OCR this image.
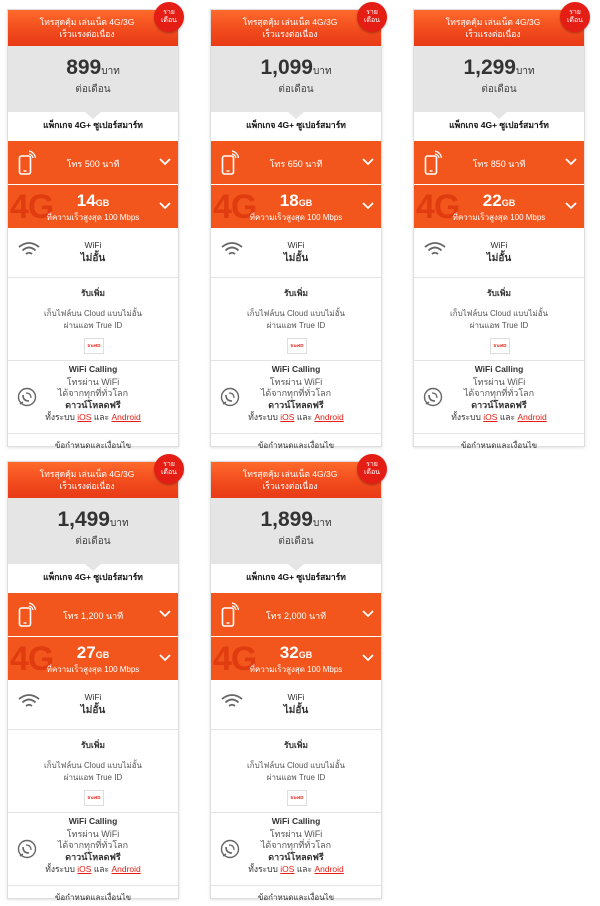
โทรสุดคุ้ม เล่นเน็ต 4G/3G
เร็วแรงต่อเนื่อง
ราย
เดือน
899บาท
ต่อเดือน
แพ็กเกจ 4G+ ซูเปอร์สมาร์ท
โทร 500 นาที
4G	14GB
ที่ความเร็วสูงสุด 100 Mbps
WiFi
ไม่อั้น
รับเพิ่ม
เก็บไฟล์บน Cloud แบบไม่อั้น
ผ่านแอพ True ID
trueID
WiFi Calling
โทรผ่าน WiFi
ได้จากทุกที่ทั่วโลก
ดาวน์โหลดฟรี
ทั้งระบบ iOS และ Android
ข้อกำหนดและเงื่อนไข
โทรสุดคุ้ม เล่นเน็ต 4G/3G
เร็วแรงต่อเนื่อง
ราย
เดือน
1,099บาท
ต่อเดือน
แพ็กเกจ 4G+ ซูเปอร์สมาร์ท
โทร 650 นาที
4G	18GB
ที่ความเร็วสูงสุด 100 Mbps
WiFi
ไม่อั้น
รับเพิ่ม
เก็บไฟล์บน Cloud แบบไม่อั้น
ผ่านแอพ True ID
trueID
WiFi Calling
โทรผ่าน WiFi
ได้จากทุกที่ทั่วโลก
ดาวน์โหลดฟรี
ทั้งระบบ iOS และ Android
ข้อกำหนดและเงื่อนไข
โทรสุดคุ้ม เล่นเน็ต 4G/3G
เร็วแรงต่อเนื่อง
ราย
เดือน
1,299บาท
ต่อเดือน
แพ็กเกจ 4G+ ซูเปอร์สมาร์ท
โทร 850 นาที
4G	22GB
ที่ความเร็วสูงสุด 100 Mbps
WiFi
ไม่อั้น
รับเพิ่ม
เก็บไฟล์บน Cloud แบบไม่อั้น
ผ่านแอพ True ID
trueID
WiFi Calling
โทรผ่าน WiFi
ได้จากทุกที่ทั่วโลก
ดาวน์โหลดฟรี
ทั้งระบบ iOS และ Android
ข้อกำหนดและเงื่อนไข
โทรสุดคุ้ม เล่นเน็ต 4G/3G
เร็วแรงต่อเนื่อง
ราย
เดือน
1,499บาท
ต่อเดือน
แพ็กเกจ 4G+ ซูเปอร์สมาร์ท
โทร 1,200 นาที
4G	27GB
ที่ความเร็วสูงสุด 100 Mbps
WiFi
ไม่อั้น
รับเพิ่ม
เก็บไฟล์บน Cloud แบบไม่อั้น
ผ่านแอพ True ID
trueID
WiFi Calling
โทรผ่าน WiFi
ได้จากทุกที่ทั่วโลก
ดาวน์โหลดฟรี
ทั้งระบบ iOS และ Android
ข้อกำหนดและเงื่อนไข
โทรสุดคุ้ม เล่นเน็ต 4G/3G
เร็วแรงต่อเนื่อง
ราย
เดือน
1,899บาท
ต่อเดือน
แพ็กเกจ 4G+ ซูเปอร์สมาร์ท
โทร 2,000 นาที
4G	32GB
ที่ความเร็วสูงสุด 100 Mbps
WiFi
ไม่อั้น
รับเพิ่ม
เก็บไฟล์บน Cloud แบบไม่อั้น
ผ่านแอพ True ID
trueID
WiFi Calling
โทรผ่าน WiFi
ได้จากทุกที่ทั่วโลก
ดาวน์โหลดฟรี
ทั้งระบบ iOS และ Android
ข้อกำหนดและเงื่อนไข
